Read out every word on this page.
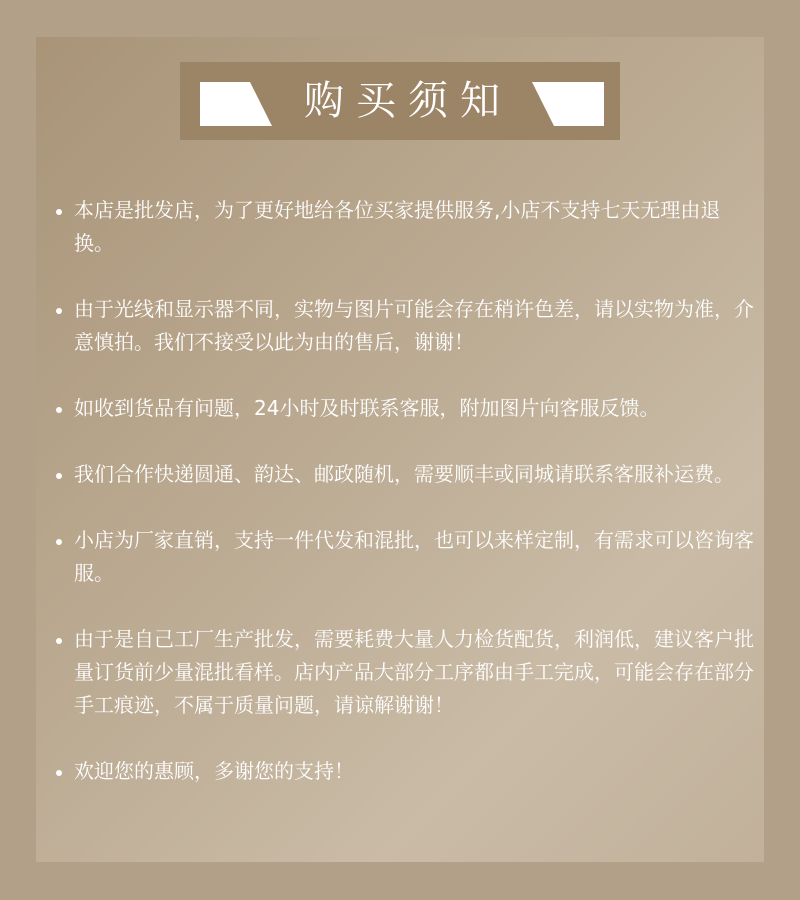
购买须知
本店是批发店，为了更好地给各位买家提供服务,小店不支持七天无理由退换。
由于光线和显示器不同，实物与图片可能会存在稍许色差，请以实物为准，介意慎拍。我们不接受以此为由的售后，谢谢！
如收到货品有问题，24小时及时联系客服，附加图片向客服反馈。
我们合作快递圆通、韵达、邮政随机，需要顺丰或同城请联系客服补运费。
小店为厂家直销，支持一件代发和混批，也可以来样定制，有需求可以咨询客服。
由于是自己工厂生产批发，需要耗费大量人力检货配货，利润低，建议客户批量订货前少量混批看样。店内产品大部分工序都由手工完成，可能会存在部分手工痕迹，不属于质量问题，请谅解谢谢！
欢迎您的惠顾，多谢您的支持！
